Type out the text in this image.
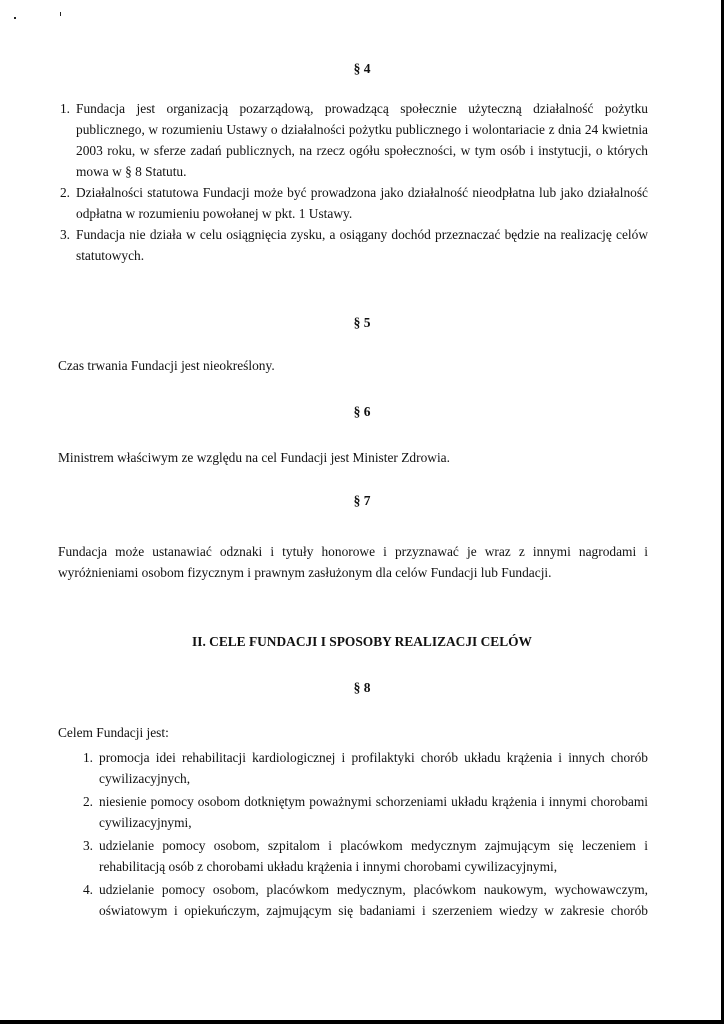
§ 4
1. Fundacja jest organizacją pozarządową, prowadzącą społecznie użyteczną działalność pożytku publicznego, w rozumieniu Ustawy o działalności pożytku publicznego i wolontariacie z dnia 24 kwietnia 2003 roku, w sferze zadań publicznych, na rzecz ogółu społeczności, w tym osób i instytucji, o których mowa w § 8 Statutu.
2. Działalności statutowa Fundacji może być prowadzona jako działalność nieodpłatna lub jako działalność odpłatna w rozumieniu powołanej w pkt. 1 Ustawy.
3. Fundacja nie działa w celu osiągnięcia zysku, a osiągany dochód przeznaczać będzie na realizację celów statutowych.
§ 5
Czas trwania Fundacji jest nieokreślony.
§ 6
Ministrem właściwym ze względu na cel Fundacji jest Minister Zdrowia.
§ 7
Fundacja może ustanawiać odznaki i tytuły honorowe i przyznawać je wraz z innymi nagrodami i wyróżnieniami osobom fizycznym i prawnym zasłużonym dla celów Fundacji lub Fundacji.
II. CELE FUNDACJI I SPOSOBY REALIZACJI CELÓW
§ 8
Celem Fundacji jest:
1. promocja idei rehabilitacji kardiologicznej i profilaktyki chorób układu krążenia i innych chorób cywilizacyjnych,
2. niesienie pomocy osobom dotkniętym poważnymi schorzeniami układu krążenia i innymi chorobami cywilizacyjnymi,
3. udzielanie pomocy osobom, szpitalom i placówkom medycznym zajmującym się leczeniem i rehabilitacją osób z chorobami układu krążenia i innymi chorobami cywilizacyjnymi,
4. udzielanie pomocy osobom, placówkom medycznym, placówkom naukowym, wychowawczym,
oświatowym i opiekuńczym, zajmującym się badaniami i szerzeniem wiedzy w zakresie chorób
